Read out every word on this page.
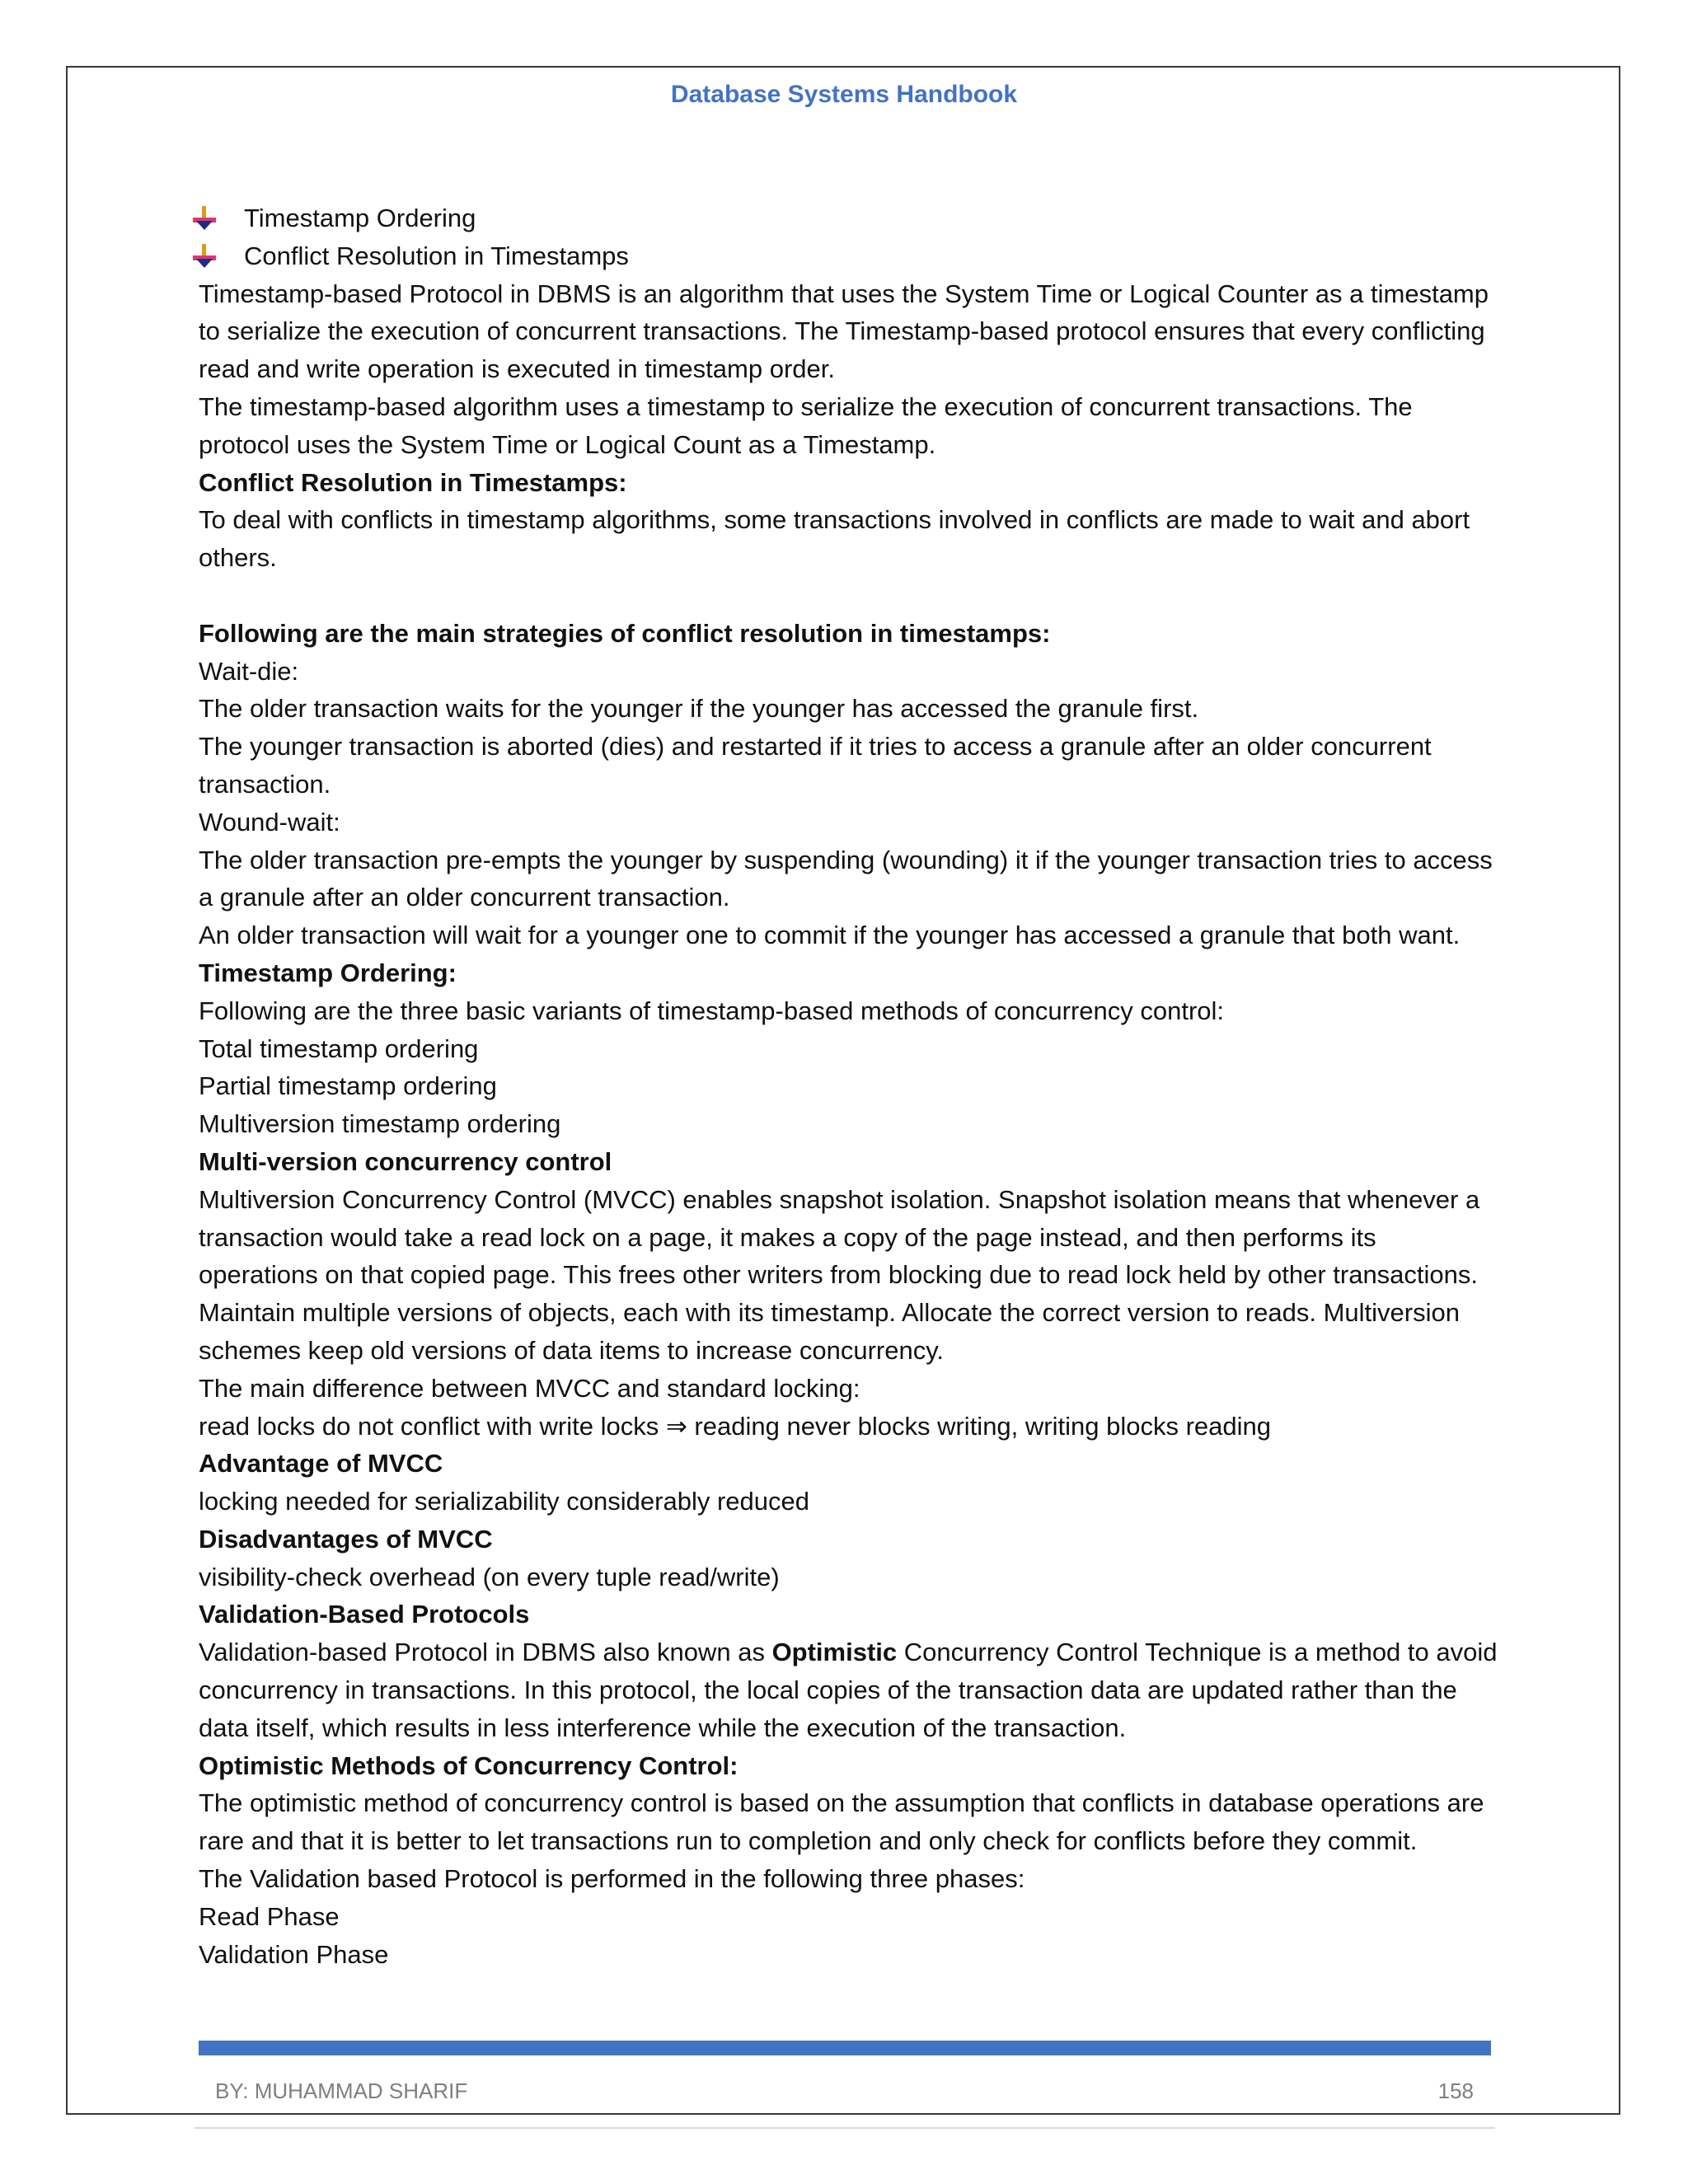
Database Systems Handbook
Timestamp Ordering
Conflict Resolution in Timestamps

Timestamp-based Protocol in DBMS is an algorithm that uses the System Time or Logical Counter as a timestamp to serialize the execution of concurrent transactions. The Timestamp-based protocol ensures that every conflicting read and write operation is executed in timestamp order.

The timestamp-based algorithm uses a timestamp to serialize the execution of concurrent transactions. The protocol uses the System Time or Logical Count as a Timestamp.

Conflict Resolution in Timestamps:

To deal with conflicts in timestamp algorithms, some transactions involved in conflicts are made to wait and abort others.

Following are the main strategies of conflict resolution in timestamps:

Wait-die:

The older transaction waits for the younger if the younger has accessed the granule first.

The younger transaction is aborted (dies) and restarted if it tries to access a granule after an older concurrent transaction.

Wound-wait:

The older transaction pre-empts the younger by suspending (wounding) it if the younger transaction tries to access a granule after an older concurrent transaction.

An older transaction will wait for a younger one to commit if the younger has accessed a granule that both want.

Timestamp Ordering:

Following are the three basic variants of timestamp-based methods of concurrency control:

Total timestamp ordering

Partial timestamp ordering

Multiversion timestamp ordering

Multi-version concurrency control

Multiversion Concurrency Control (MVCC) enables snapshot isolation. Snapshot isolation means that whenever a transaction would take a read lock on a page, it makes a copy of the page instead, and then performs its operations on that copied page. This frees other writers from blocking due to read lock held by other transactions.

Maintain multiple versions of objects, each with its timestamp. Allocate the correct version to reads. Multiversion schemes keep old versions of data items to increase concurrency.

The main difference between MVCC and standard locking:

read locks do not conflict with write locks ⇒ reading never blocks writing, writing blocks reading

Advantage of MVCC

locking needed for serializability considerably reduced

Disadvantages of MVCC

visibility-check overhead (on every tuple read/write)

Validation-Based Protocols

Validation-based Protocol in DBMS also known as Optimistic Concurrency Control Technique is a method to avoid concurrency in transactions. In this protocol, the local copies of the transaction data are updated rather than the data itself, which results in less interference while the execution of the transaction.

Optimistic Methods of Concurrency Control:

The optimistic method of concurrency control is based on the assumption that conflicts in database operations are rare and that it is better to let transactions run to completion and only check for conflicts before they commit.

The Validation based Protocol is performed in the following three phases:

Read Phase

Validation Phase

BY: MUHAMMAD SHARIF	158
